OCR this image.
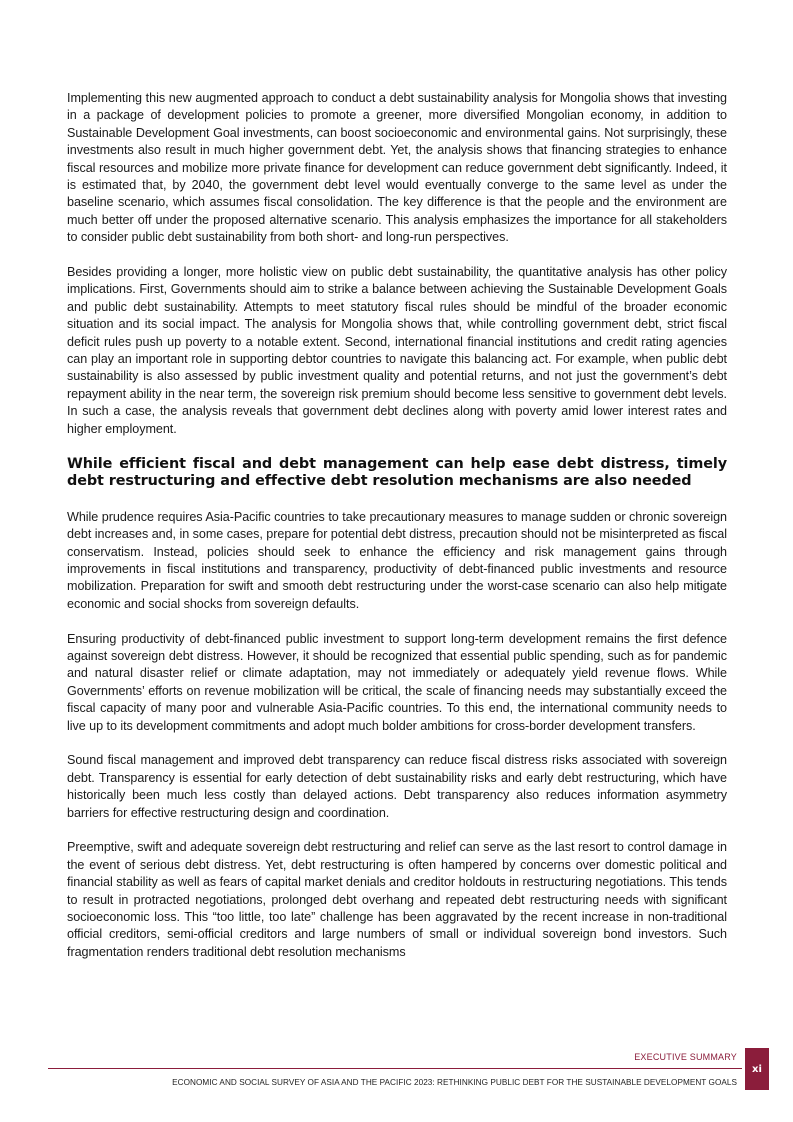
Implementing this new augmented approach to conduct a debt sustainability analysis for Mongolia shows that investing in a package of development policies to promote a greener, more diversified Mongolian economy, in addition to Sustainable Development Goal investments, can boost socioeconomic and environmental gains. Not surprisingly, these investments also result in much higher government debt. Yet, the analysis shows that financing strategies to enhance fiscal resources and mobilize more private finance for development can reduce government debt significantly. Indeed, it is estimated that, by 2040, the government debt level would eventually converge to the same level as under the baseline scenario, which assumes fiscal consolidation. The key difference is that the people and the environment are much better off under the proposed alternative scenario. This analysis emphasizes the importance for all stakeholders to consider public debt sustainability from both short- and long-run perspectives.

Besides providing a longer, more holistic view on public debt sustainability, the quantitative analysis has other policy implications. First, Governments should aim to strike a balance between achieving the Sustainable Development Goals and public debt sustainability. Attempts to meet statutory fiscal rules should be mindful of the broader economic situation and its social impact. The analysis for Mongolia shows that, while controlling government debt, strict fiscal deficit rules push up poverty to a notable extent. Second, international financial institutions and credit rating agencies can play an important role in supporting debtor countries to navigate this balancing act. For example, when public debt sustainability is also assessed by public investment quality and potential returns, and not just the government’s debt repayment ability in the near term, the sovereign risk premium should become less sensitive to government debt levels. In such a case, the analysis reveals that government debt declines along with poverty amid lower interest rates and higher employment.

While efficient fiscal and debt management can help ease debt distress, timely debt restructuring and effective debt resolution mechanisms are also needed

While prudence requires Asia-Pacific countries to take precautionary measures to manage sudden or chronic sovereign debt increases and, in some cases, prepare for potential debt distress, precaution should not be misinterpreted as fiscal conservatism. Instead, policies should seek to enhance the efficiency and risk management gains through improvements in fiscal institutions and transparency, productivity of debt-financed public investments and resource mobilization. Preparation for swift and smooth debt restructuring under the worst-case scenario can also help mitigate economic and social shocks from sovereign defaults.

Ensuring productivity of debt-financed public investment to support long-term development remains the first defence against sovereign debt distress. However, it should be recognized that essential public spending, such as for pandemic and natural disaster relief or climate adaptation, may not immediately or adequately yield revenue flows. While Governments’ efforts on revenue mobilization will be critical, the scale of financing needs may substantially exceed the fiscal capacity of many poor and vulnerable Asia-Pacific countries. To this end, the international community needs to live up to its development commitments and adopt much bolder ambitions for cross-border development transfers.

Sound fiscal management and improved debt transparency can reduce fiscal distress risks associated with sovereign debt. Transparency is essential for early detection of debt sustainability risks and early debt restructuring, which have historically been much less costly than delayed actions. Debt transparency also reduces information asymmetry barriers for effective restructuring design and coordination.

Preemptive, swift and adequate sovereign debt restructuring and relief can serve as the last resort to control damage in the event of serious debt distress. Yet, debt restructuring is often hampered by concerns over domestic political and financial stability as well as fears of capital market denials and creditor holdouts in restructuring negotiations. This tends to result in protracted negotiations, prolonged debt overhang and repeated debt restructuring needs with significant socioeconomic loss. This “too little, too late” challenge has been aggravated by the recent increase in non-traditional official creditors, semi-official creditors and large numbers of small or individual sovereign bond investors. Such fragmentation renders traditional debt resolution mechanisms

EXECUTIVE SUMMARY
ECONOMIC AND SOCIAL SURVEY OF ASIA AND THE PACIFIC 2023: RETHINKING PUBLIC DEBT FOR THE SUSTAINABLE DEVELOPMENT GOALS
xi
